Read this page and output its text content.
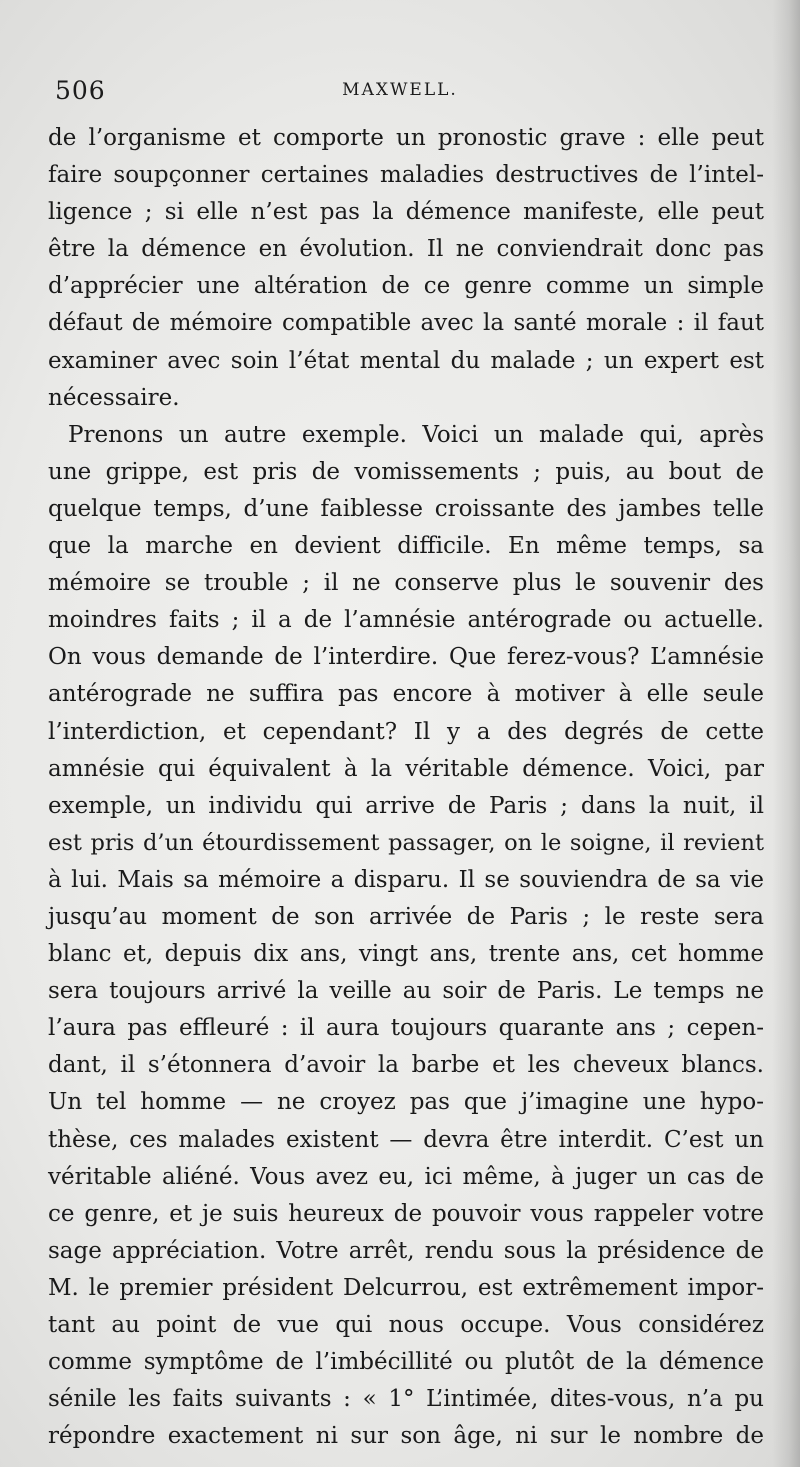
506	MAXWELL.
de l’organisme et comporte un pronostic grave : elle peut
faire soupçonner certaines maladies destructives de l’intel-
ligence ; si elle n’est pas la démence manifeste, elle peut
être la démence en évolution. Il ne conviendrait donc pas
d’apprécier une altération de ce genre comme un simple
défaut de mémoire compatible avec la santé morale : il faut
examiner avec soin l’état mental du malade ; un expert est
nécessaire.
Prenons un autre exemple. Voici un malade qui, après
une grippe, est pris de vomissements ; puis, au bout de
quelque temps, d’une faiblesse croissante des jambes telle
que la marche en devient difficile. En même temps, sa
mémoire se trouble ; il ne conserve plus le souvenir des
moindres faits ; il a de l’amnésie antérograde ou actuelle.
On vous demande de l’interdire. Que ferez-vous? L’amnésie
antérograde ne suffira pas encore à motiver à elle seule
l’interdiction, et cependant? Il y a des degrés de cette
amnésie qui équivalent à la véritable démence. Voici, par
exemple, un individu qui arrive de Paris ; dans la nuit, il
est pris d’un étourdissement passager, on le soigne, il revient
à lui. Mais sa mémoire a disparu. Il se souviendra de sa vie
jusqu’au moment de son arrivée de Paris ; le reste sera
blanc et, depuis dix ans, vingt ans, trente ans, cet homme
sera toujours arrivé la veille au soir de Paris. Le temps ne
l’aura pas effleuré : il aura toujours quarante ans ; cepen-
dant, il s’étonnera d’avoir la barbe et les cheveux blancs.
Un tel homme — ne croyez pas que j’imagine une hypo-
thèse, ces malades existent — devra être interdit. C’est un
véritable aliéné. Vous avez eu, ici même, à juger un cas de
ce genre, et je suis heureux de pouvoir vous rappeler votre
sage appréciation. Votre arrêt, rendu sous la présidence de
M. le premier président Delcurrou, est extrêmement impor-
tant au point de vue qui nous occupe. Vous considérez
comme symptôme de l’imbécillité ou plutôt de la démence
sénile les faits suivants : « 1° L’intimée, dites-vous, n’a pu
répondre exactement ni sur son âge, ni sur le nombre de
